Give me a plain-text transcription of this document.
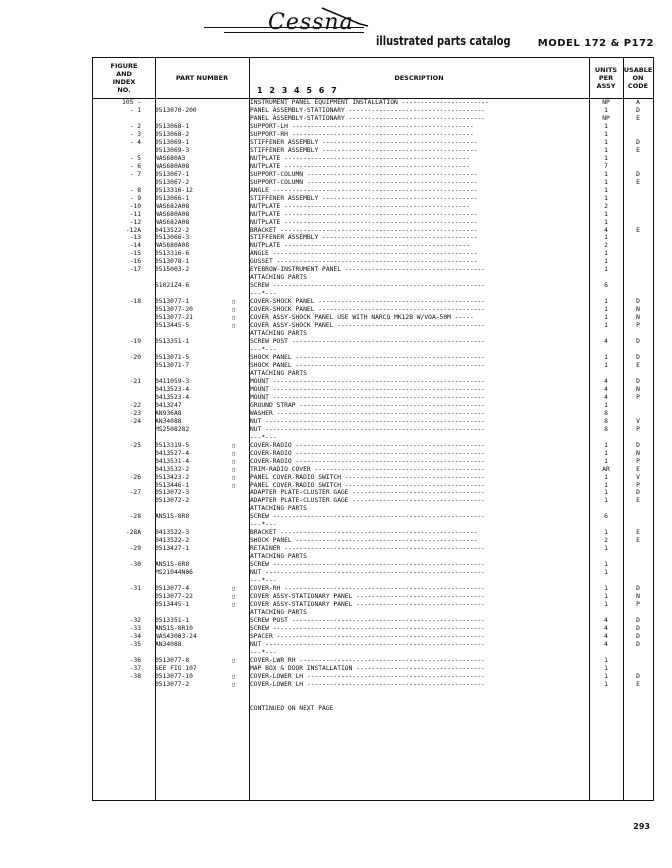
Cessna
illustrated parts catalog	MODEL 172 & P172
FIGURE
AND
INDEX
NO.
PART NUMBER	DESCRIPTION
1 2 3 4 5 6 7
UNITS
PER
ASSY
USABLE
ON
CODE
105 -	INSTRUMENT PANEL EQUIPMENT INSTALLATION -----------------------	NP	A
- 1 0513070-200	PANEL ASSEMBLY-STATIONARY ------------------------------------	1	D
PANEL ASSEMBLY-STATIONARY ------------------------------------	NP	E
- 2 0513068-1	SUPPORT-LH ------------------------------------------------	1
- 3 0513068-2	SUPPORT-RH ------------------------------------------------	1
- 4 0513069-1	STIFFENER ASSEMBLY -----------------------------------------	1	D
0513069-3	STIFFENER ASSEMBLY -----------------------------------------	1	E
- 5 NAS680A3	NUTPLATE -------------------------------------------------	1
- 6 NAS680A08	NUTPLATE -------------------------------------------------	7
- 7 0513067-1	SUPPORT-COLUMN ---------------------------------------------	1	D
0513067-2	SUPPORT-COLUMN ---------------------------------------------	1	E
- 8 0513316-12	ANGLE ------------------------------------------------------	1
- 9 0513066-1	STIFFENER ASSEMBLY -----------------------------------------	1
-10 NAS682A08	NUTPLATE -------------------------------------------------	2
-11 NAS680A08	NUTPLATE ---------------------------------------------------	1
-12 NAS682A08	NUTPLATE ---------------------------------------------------	1
-12A 0413522-2	BRACKET ----------------------------------------------------	4	E
-13 0513066-3	STIFFENER ASSEMBLY -----------------------------------------	1
-14 NAS680A08	NUTPLATE -------------------------------------------------	2
-15 0513316-6	ANGLE ------------------------------------------------------	1
-16 0513078-1	GUSSET -----------------------------------------------------	1
-17 0515003-2	EYEBROW-INSTRUMENT PANEL -------------------------------------	1
ATTACHING PARTS
S1021Z4-6	SCREW --------------------------------------------------------	6
---*---
-18 0513077-1	□	COVER-SHOCK PANEL --------------------------------------------	1	D
0513077-20	□	COVER-SHOCK PANEL --------------------------------------------	1	N
0513077-21	□	COVER ASSY-SHOCK PANEL USE WITH NARCO MK12B W/VOA-50M -----	1	N
0513445-5	□	COVER ASSY-SHOCK PANEL ---------------------------------------	1	P
ATTACHING PARTS
-19 0513351-1	SCREW POST ---------------------------------------------------	4	D
---*---
-20 0513071-5	SHOCK PANEL --------------------------------------------------	1	D
0513071-7	SHOCK PANEL --------------------------------------------------	1	E
ATTACHING PARTS
-21 0411059-3	MOUNT --------------------------------------------------------	4	D
0413523-4	MOUNT --------------------------------------------------------	4	N
0413523-4	MOUNT --------------------------------------------------------	4	P
-22 0413247	GROUND STRAP -------------------------------------------------	1
-23 AN936A8	WASHER -------------------------------------------------------	8
-24 AN34088	NUT ----------------------------------------------------------	8	V
MS2508282	NUT ----------------------------------------------------------	8	P
---*---
-25 0513319-5	□	COVER-RADIO --------------------------------------------------	1	D
0413527-4	□	COVER-RADIO --------------------------------------------------	1	N
0413531-4	□	COVER-RADIO --------------------------------------------------	1	P
0413532-2	□	TRIM-RADIO COVER ---------------------------------------------	AR	E
-26 0513423-2	□	PANEL COVER-RADIO SWITCH -------------------------------------	1	V
0513446-1	□	PANEL COVER-RADIO SWITCH -------------------------------------	1	P
-27 0513072-3	ADAPTER PLATE-CLUSTER GAGE -----------------------------------	1	D
0513072-2	ADAPTER PLATE-CLUSTER GAGE -----------------------------------	1	E
ATTACHING PARTS
-28 AN515-8R8	SCREW --------------------------------------------------------	6
---*---
-28A 0413522-3	BRACKET ----------------------------------------------------	1	E
0413522-2	SHOCK PANEL ------------------------------------------------	2	E
-29 0513427-1	RETAINER -----------------------------------------------------	1
ATTACHING PARTS
-30 AN515-6R8	SCREW --------------------------------------------------------	1
MS21044N06	NUT ----------------------------------------------------------	1
---*---
-31 0513077-4	□	COVER-RH -----------------------------------------------------	1	D
0513077-22	□	COVER ASSY-STATIONARY PANEL ----------------------------------	1	N
0513445-1	□	COVER ASSY-STATIONARY PANEL ----------------------------------	1	P
ATTACHING PARTS
-32 0513351-1	SCREW POST ---------------------------------------------------	4	D
-33 AN515-8R10	SCREW --------------------------------------------------------	4	D
-34 NAS43003-24	SPACER -------------------------------------------------------	4	D
-35 AN34088	NUT ----------------------------------------------------------	4	D
---*---
-36 0513077-8	□	COVER-LWR RH -------------------------------------------------	1
-37 SEE FIG 107	MAP BOX & DOOR INSTALLATION ----------------------------------	1
-38 0513077-10	□	COVER-LOWER LH -----------------------------------------------	1	D
0513077-2	□	COVER-LOWER LH -----------------------------------------------	1	E
CONTINUED ON NEXT PAGE
293
